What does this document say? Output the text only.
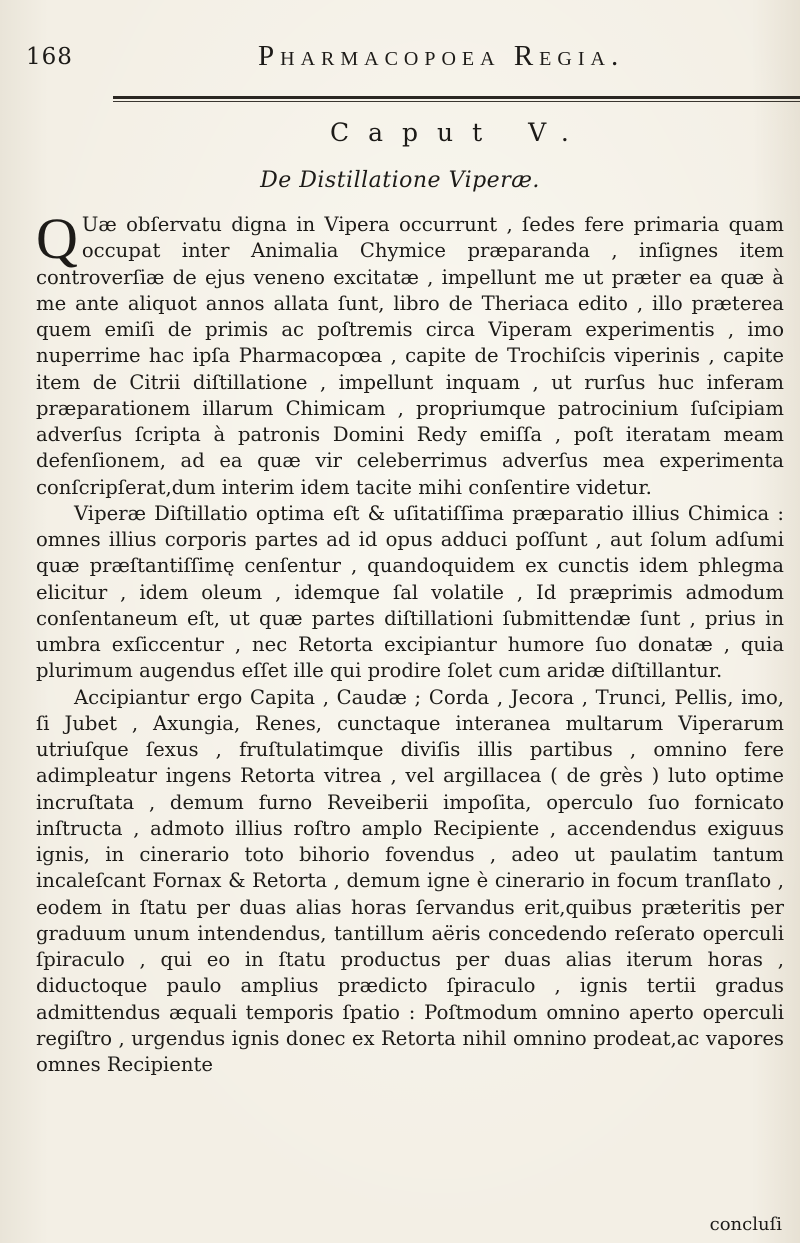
168	Pharmacopoea Regia.
Caput V.
De Distillatione Viperæ.

Q Uæ obſervatu digna in Vipera occurrunt , ſedes fere primaria quam occupat inter Animalia Chymice præparanda , inſignes item controverſiæ de ejus veneno excitatæ , impellunt me ut præter ea quæ à me ante aliquot annos allata ſunt, libro de Theriaca edito , illo præterea quem emiſi de primis ac poſtremis circa Viperam experimentis , imo nuperrime hac ipſa Pharmacopœa , capite de Trochiſcis viperinis , capite item de Citrii diſtillatione , impellunt inquam , ut rurſus huc inferam præparationem illarum Chimicam , propriumque patrocinium ſuſcipiam adverſus ſcripta à patronis Domini Redy emiſſa , poſt iteratam meam defenſionem, ad ea quæ vir celeberrimus adverſus mea experimenta conſcripſerat,dum interim idem tacite mihi conſentire videtur.

Viperæ Diſtillatio optima eſt & uſitatiſſima præparatio illius Chimica : omnes illius corporis partes ad id opus adduci poſſunt , aut ſolum adſumi quæ præſtantiſſimę cenſentur , quandoquidem ex cunctis idem phlegma elicitur , idem oleum , idemque ſal volatile , Id præprimis admodum conſentaneum eſt, ut quæ partes diſtillationi ſubmittendæ ſunt , prius in umbra exſiccentur , nec Retorta excipiantur humore ſuo donatæ , quia plurimum augendus eſſet ille qui prodire ſolet cum aridæ diſtillantur.

Accipiantur ergo Capita , Caudæ ; Corda , Jecora , Trunci, Pellis, imo, ſi Jubet , Axungia, Renes, cunctaque interanea multarum Viperarum utriuſque ſexus , fruſtulatimque diviſis illis partibus , omnino fere adimpleatur ingens Retorta vitrea , vel argillacea ( de grès ) luto optime incruſtata , demum furno Reveiberii impoſita, operculo ſuo fornicato inſtructa , admoto illius roſtro amplo Recipiente , accendendus exiguus ignis, in cinerario toto bihorio fovendus , adeo ut paulatim tantum incaleſcant Fornax & Retorta , demum igne è cinerario in focum tranſlato , eodem in ſtatu per duas alias horas ſervandus erit,quibus præteritis per graduum unum intendendus, tantillum aëris concedendo reſerato operculi ſpiraculo , qui eo in ſtatu productus per duas alias iterum horas , diductoque paulo amplius prædicto ſpiraculo , ignis tertii gradus admittendus æquali temporis ſpatio : Poſtmodum omnino aperto operculi regiſtro , urgendus ignis donec ex Retorta nihil omnino prodeat,ac vapores omnes Recipiente

concluſi
